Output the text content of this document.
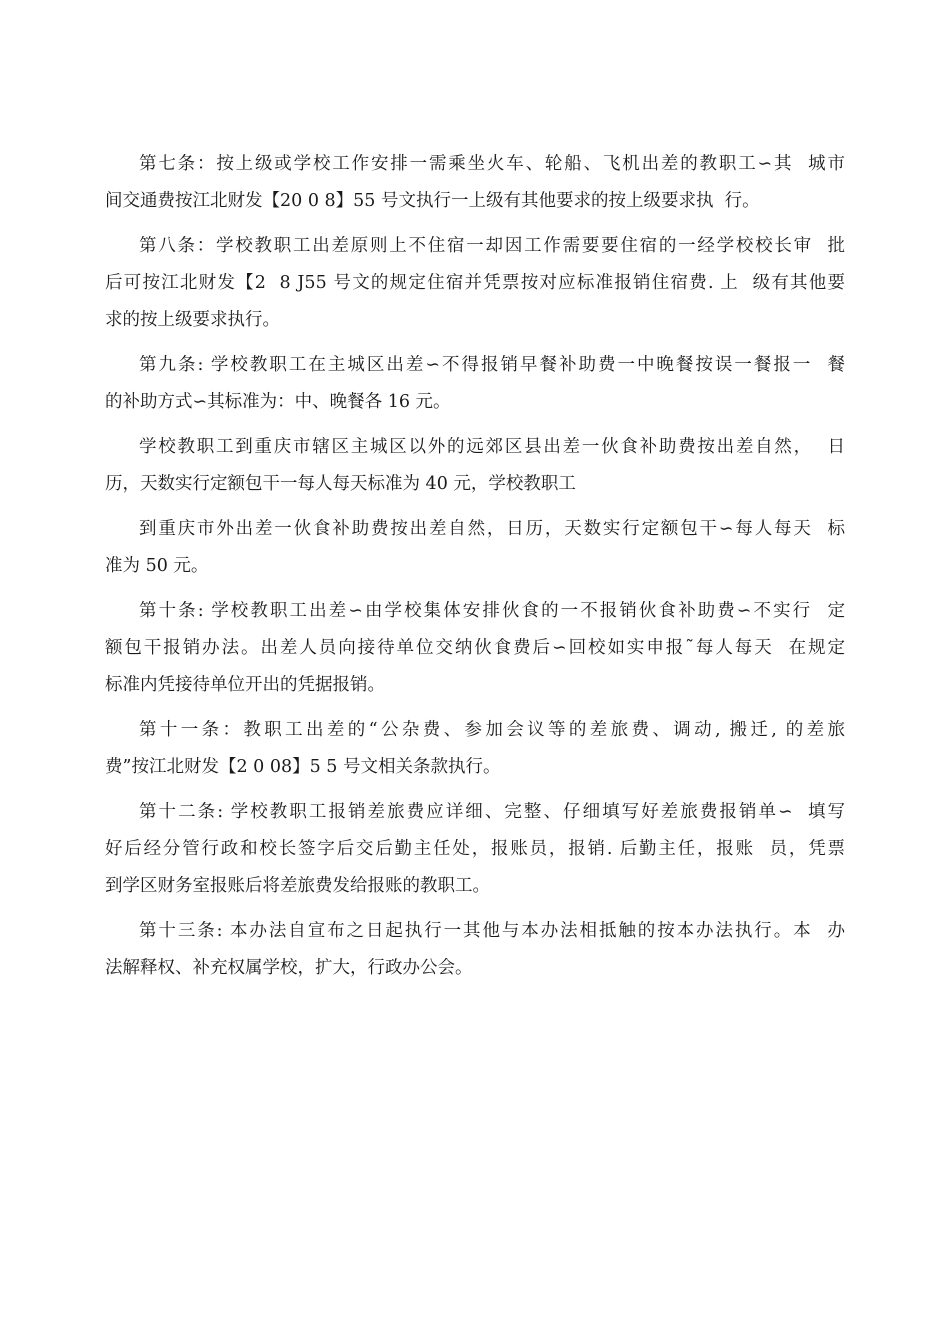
第七条：按上级或学校工作安排一需乘坐火车、轮船、飞机出差的教职工∽其  城市
间交通费按江北财发【20 0 8】55 号文执行一上级有其他要求的按上级要求执  行。
第八条：学校教职工出差原则上不住宿一却因工作需要要住宿的一经学校校长审  批
后可按江北财发【2  8 J55 号文的规定住宿并凭票按对应标准报销住宿费. 上  级有其他要
求的按上级要求执行。
第九条: 学校教职工在主城区出差∽不得报销早餐补助费一中晚餐按误一餐报一  餐
的补助方式∽其标准为：中、晚餐各 16 元。
学校教职工到重庆市辖区主城区以外的远郊区县出差一伙食补助费按出差自然，  日
历，天数实行定额包干一每人每天标准为 40 元，学校教职工
到重庆市外出差一伙食补助费按出差自然，日历，天数实行定额包干∽每人每天  标
准为 50 元。
第十条: 学校教职工出差∽由学校集体安排伙食的一不报销伙食补助费∽不实行  定
额包干报销办法。出差人员向接待单位交纳伙食费后∽回校如实申报˜每人每天  在规定
标准内凭接待单位开出的凭据报销。
第十一条：教职工出差的“公杂费、参加会议等的差旅费、调动, 搬迁, 的差旅
费”按江北财发【2 0 08】5 5 号文相关条款执行。
第十二条: 学校教职工报销差旅费应详细、完整、仔细填写好差旅费报销单∽  填写
好后经分管行政和校长签字后交后勤主任处，报账员，报销. 后勤主任，报账  员，凭票
到学区财务室报账后将差旅费发给报账的教职工。
第十三条: 本办法自宣布之日起执行一其他与本办法相抵触的按本办法执行。本  办
法解释权、补充权属学校，扩大，行政办公会。
